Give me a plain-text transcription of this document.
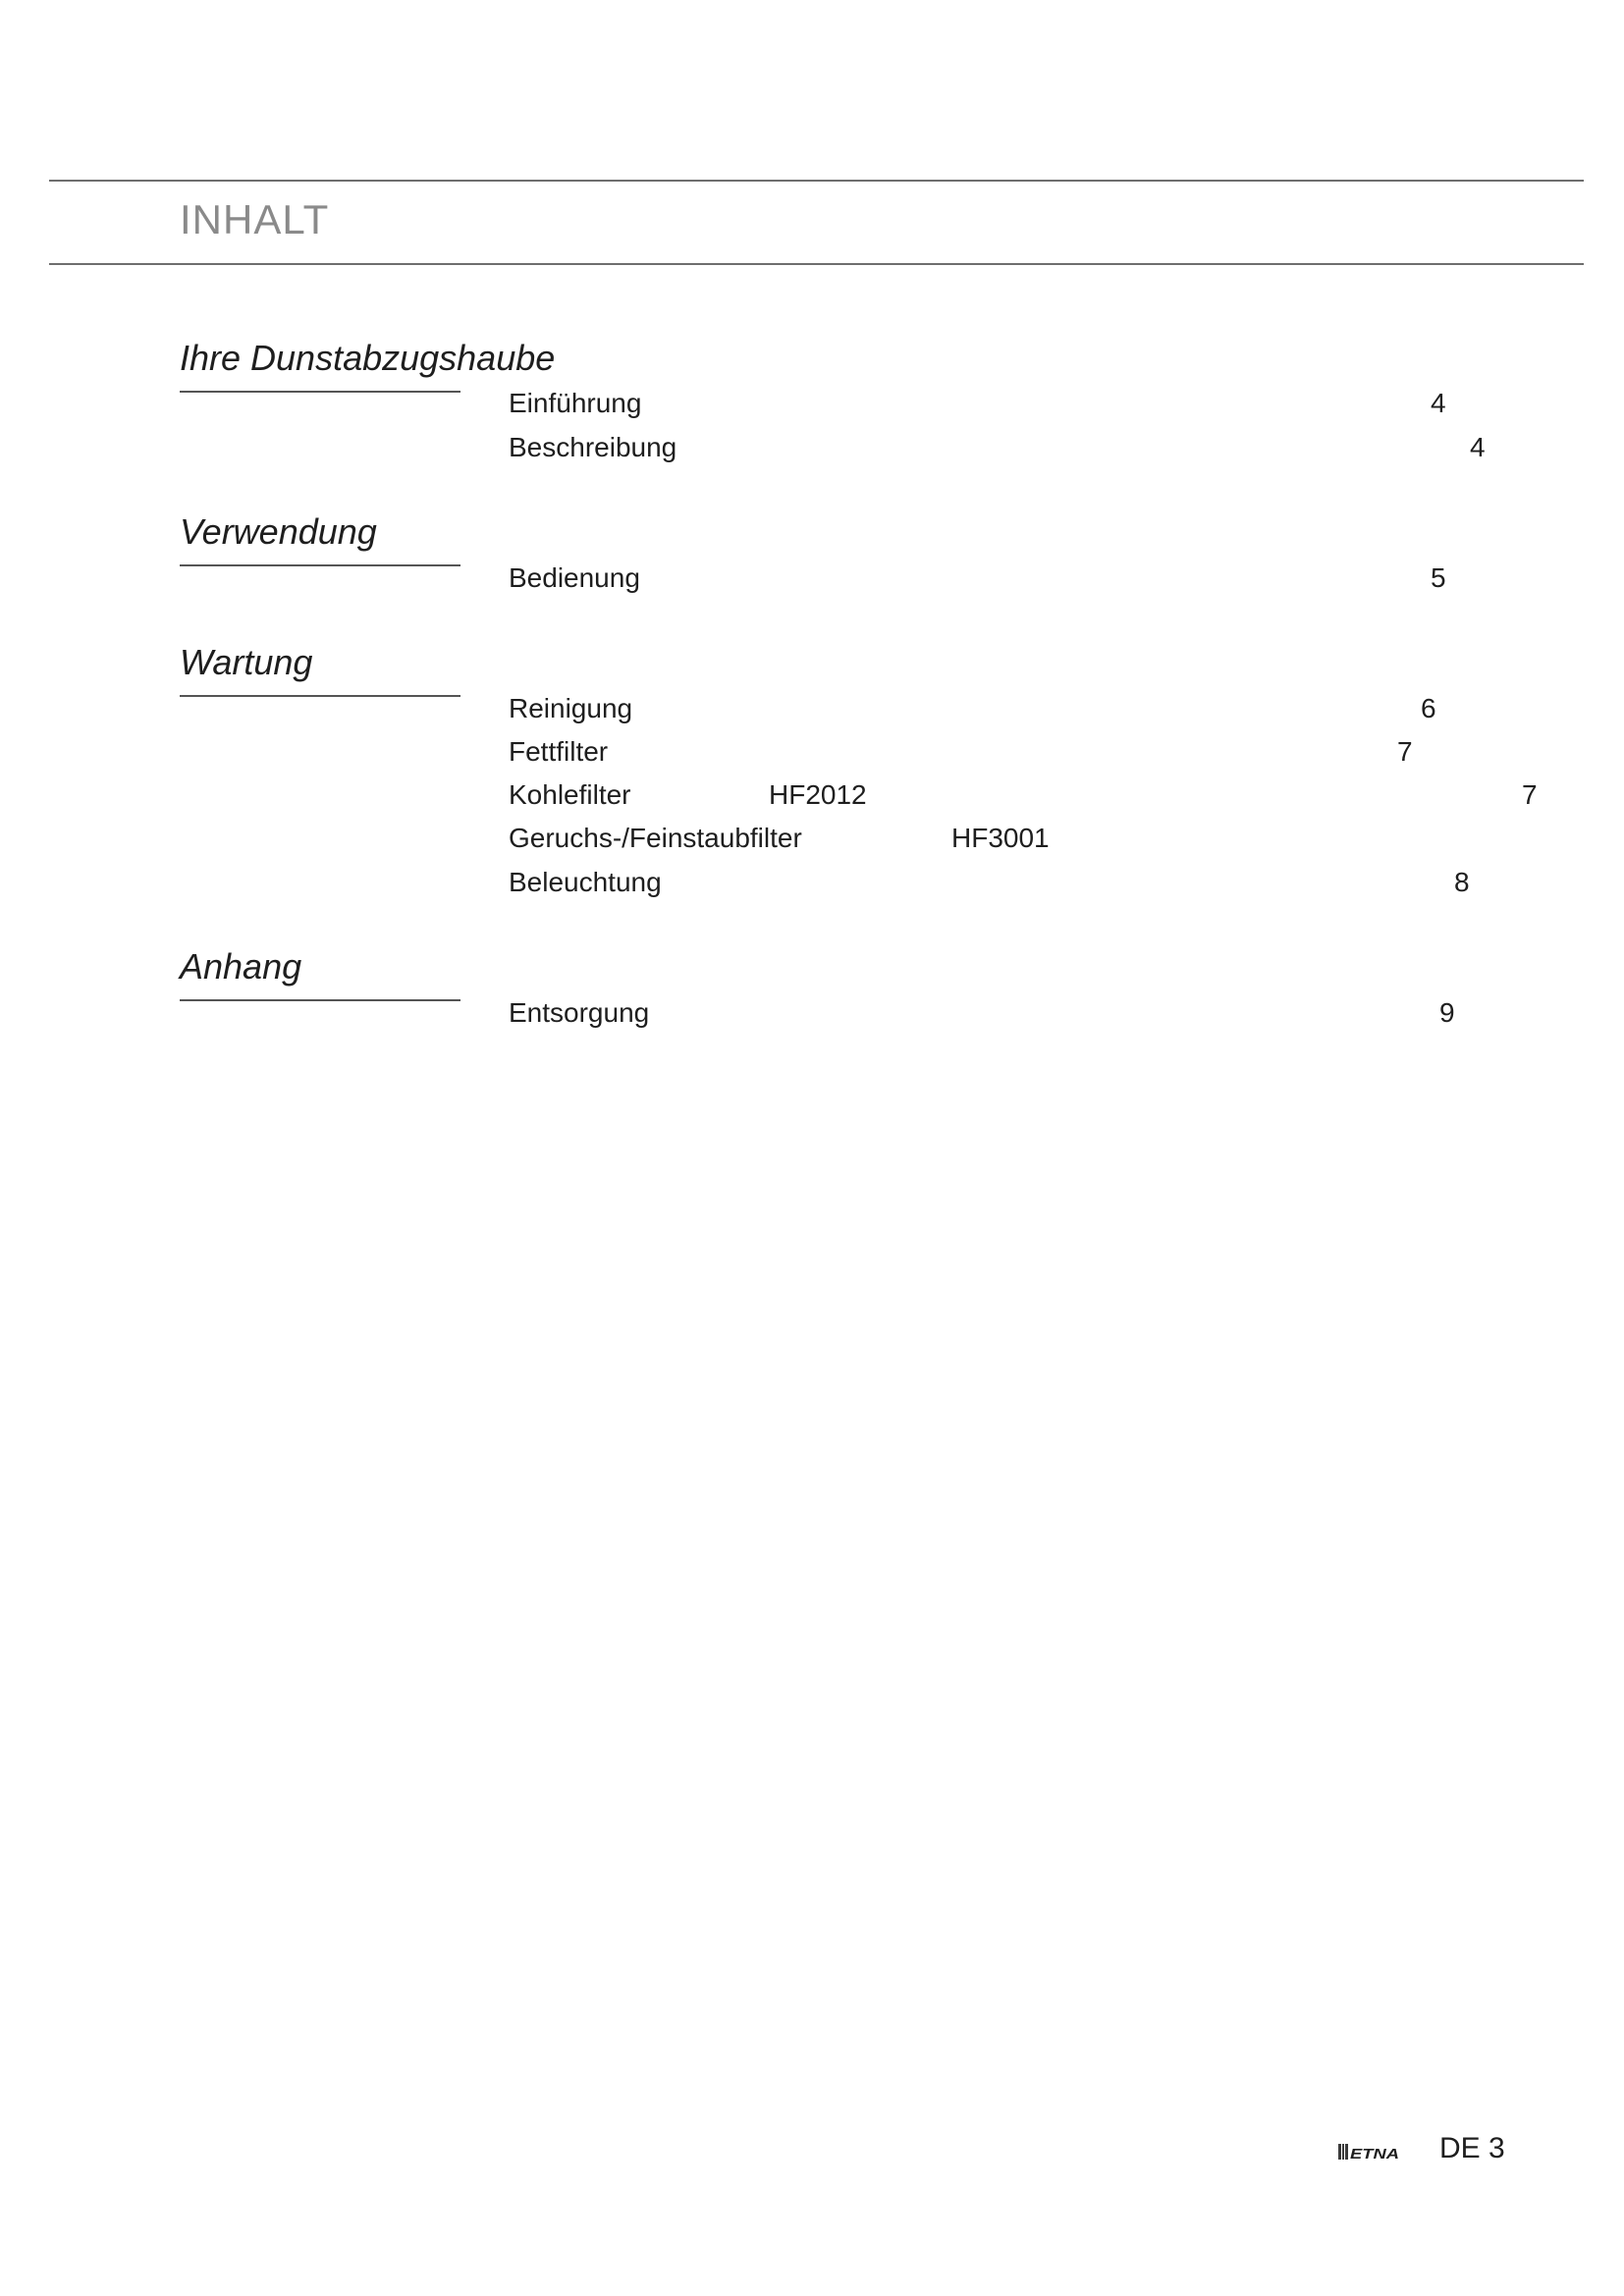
INHALT
Ihre Dunstabzugshaube
Einführung	4
Beschreibung	4
Verwendung
Bedienung	5
Wartung
Reinigung	6
Fettfilter	7
Kohlefilter	HF2012	7
Geruchs-/Feinstaubfilter	HF3001
Beleuchtung	8
Anhang
Entsorgung	9
ETNA DE 3
